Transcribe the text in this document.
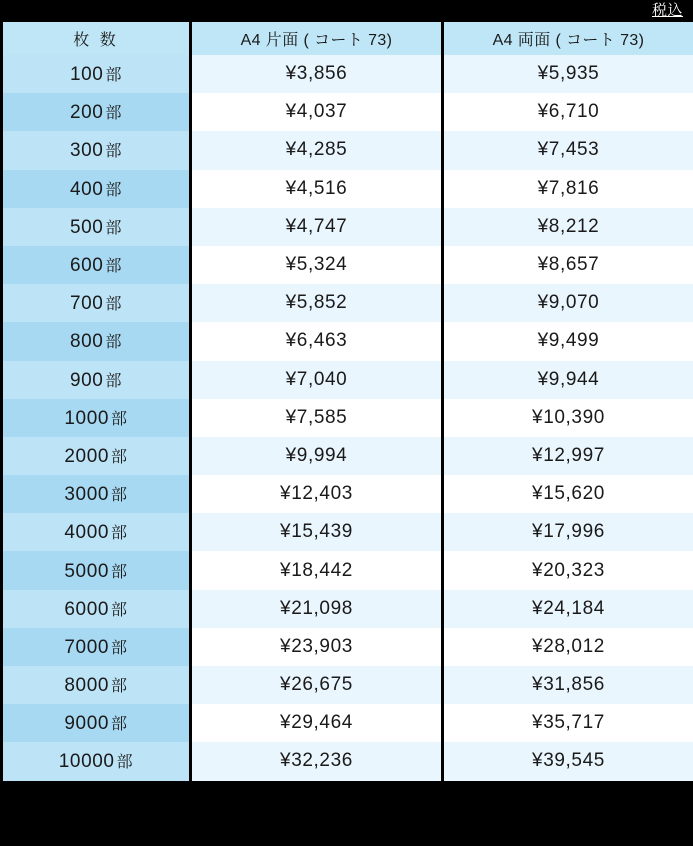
税込
枚 数	A4 片面 ( コート 73)	A4 両面 ( コート 73)
100 部	¥3,856	¥5,935
200 部	¥4,037	¥6,710
300 部	¥4,285	¥7,453
400 部	¥4,516	¥7,816
500 部	¥4,747	¥8,212
600 部	¥5,324	¥8,657
700 部	¥5,852	¥9,070
800 部	¥6,463	¥9,499
900 部	¥7,040	¥9,944
1000 部	¥7,585	¥10,390
2000 部	¥9,994	¥12,997
3000 部	¥12,403	¥15,620
4000 部	¥15,439	¥17,996
5000 部	¥18,442	¥20,323
6000 部	¥21,098	¥24,184
7000 部	¥23,903	¥28,012
8000 部	¥26,675	¥31,856
9000 部	¥29,464	¥35,717
10000 部	¥32,236	¥39,545
